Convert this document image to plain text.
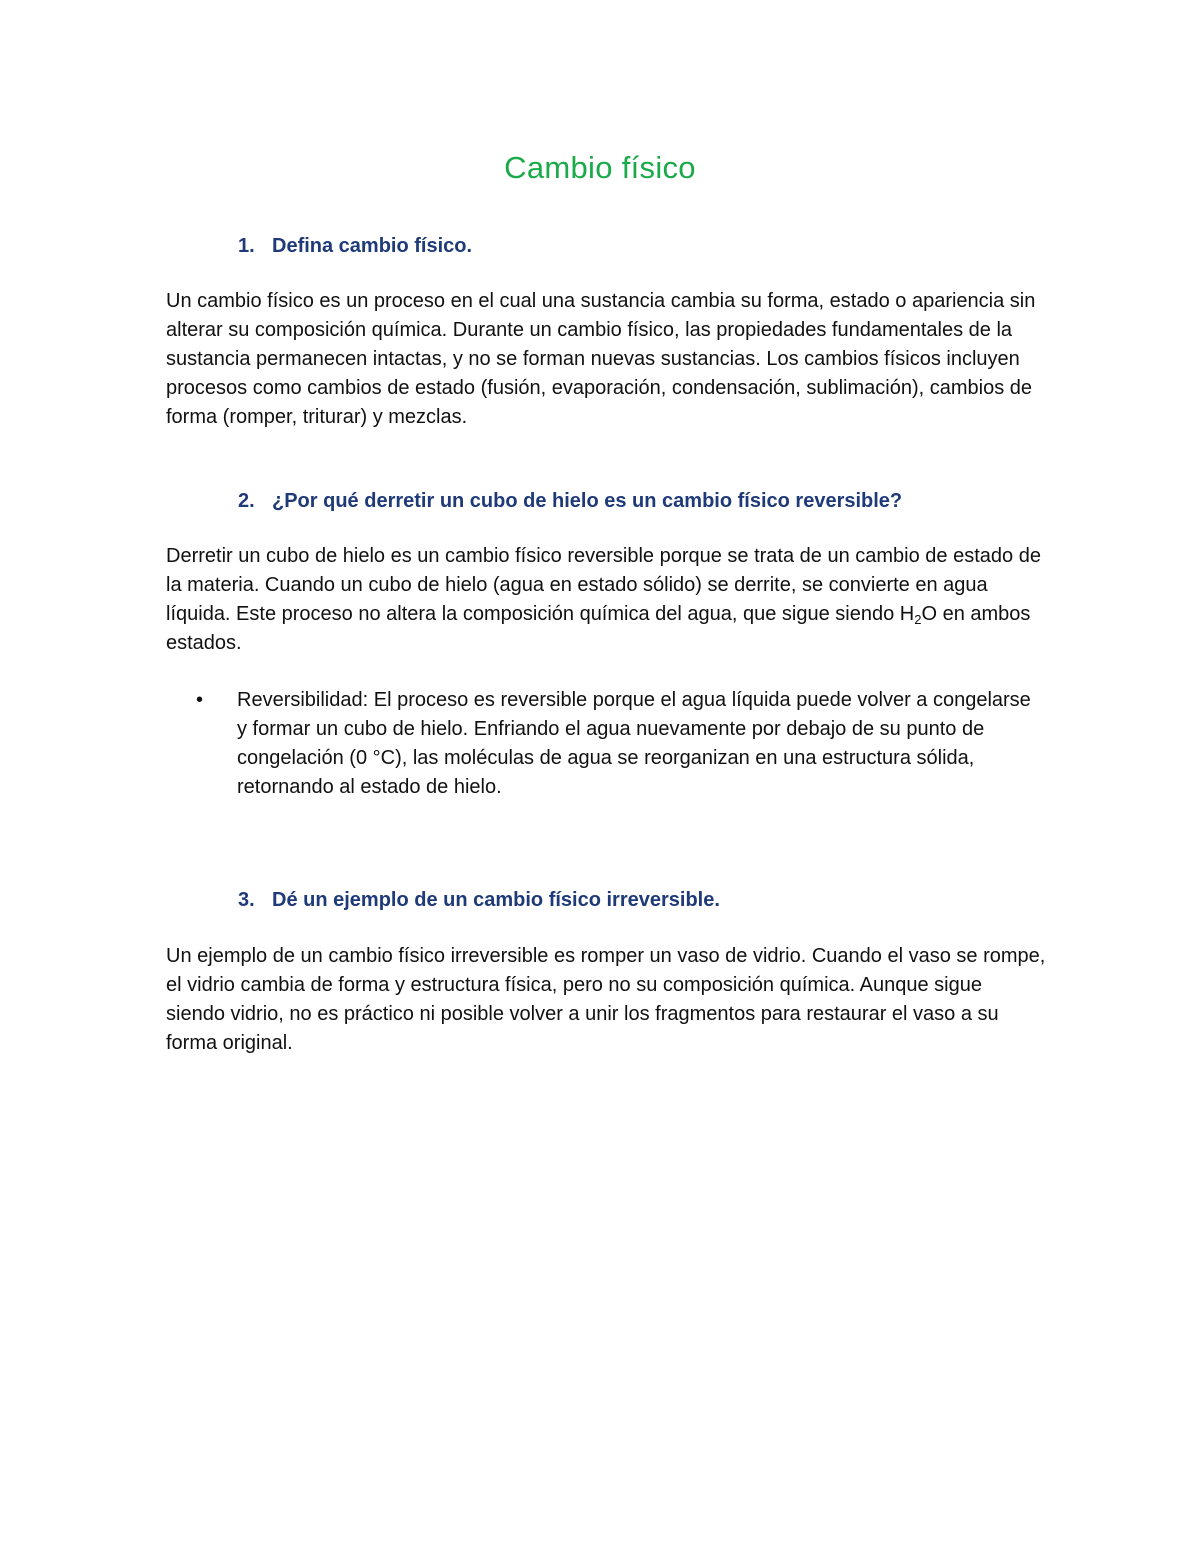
Cambio físico
1. Defina cambio físico.

Un cambio físico es un proceso en el cual una sustancia cambia su forma, estado o apariencia sin alterar su composición química. Durante un cambio físico, las propiedades fundamentales de la sustancia permanecen intactas, y no se forman nuevas sustancias. Los cambios físicos incluyen procesos como cambios de estado (fusión, evaporación, condensación, sublimación), cambios de forma (romper, triturar) y mezclas.

2. ¿Por qué derretir un cubo de hielo es un cambio físico reversible?

Derretir un cubo de hielo es un cambio físico reversible porque se trata de un cambio de estado de la materia. Cuando un cubo de hielo (agua en estado sólido) se derrite, se convierte en agua líquida. Este proceso no altera la composición química del agua, que sigue siendo $H_2O$ en ambos estados.

•	Reversibilidad: El proceso es reversible porque el agua líquida puede volver a congelarse y formar un cubo de hielo. Enfriando el agua nuevamente por debajo de su punto de congelación (0 °C), las moléculas de agua se reorganizan en una estructura sólida, retornando al estado de hielo.
3. Dé un ejemplo de un cambio físico irreversible.

Un ejemplo de un cambio físico irreversible es romper un vaso de vidrio. Cuando el vaso se rompe, el vidrio cambia de forma y estructura física, pero no su composición química. Aunque sigue siendo vidrio, no es práctico ni posible volver a unir los fragmentos para restaurar el vaso a su forma original.
